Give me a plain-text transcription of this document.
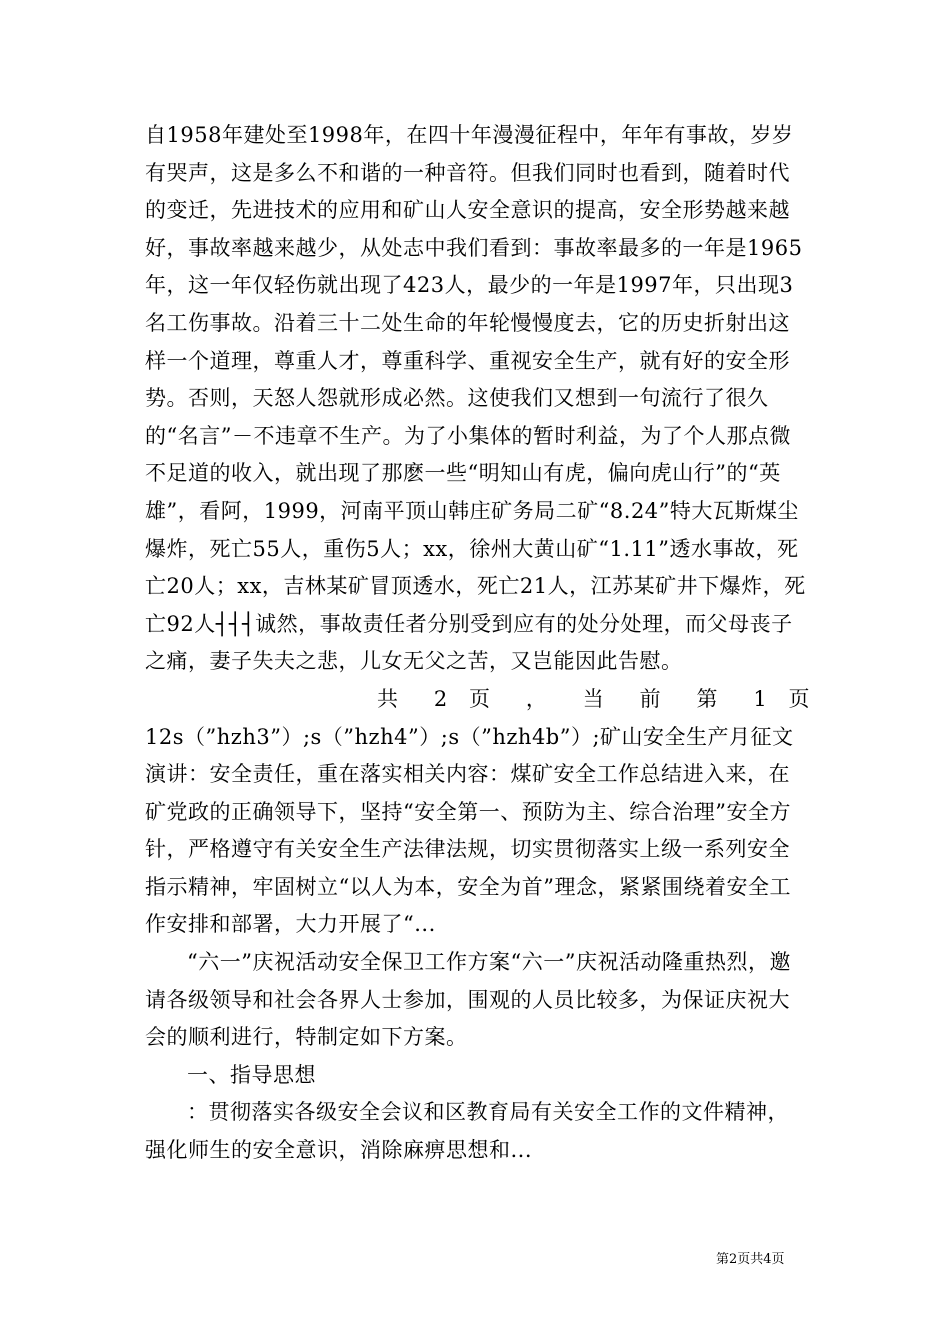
自1958年建处至1998年，在四十年漫漫征程中，年年有事故，岁岁有哭声，这是多么不和谐的一种音符。但我们同时也看到，随着时代的变迁，先进技术的应用和矿山人安全意识的提高，安全形势越来越好，事故率越来越少，从处志中我们看到：事故率最多的一年是1965年，这一年仅轻伤就出现了423人，最少的一年是1997年，只出现3名工伤事故。沿着三十二处生命的年轮慢慢度去，它的历史折射出这样一个道理，尊重人才，尊重科学、重视安全生产，就有好的安全形势。否则，天怒人怨就形成必然。这使我们又想到一句流行了很久的“名言”－不违章不生产。为了小集体的暂时利益，为了个人那点微不足道的收入，就出现了那麽一些“明知山有虎，偏向虎山行”的“英雄”，看阿，1999，河南平顶山韩庄矿务局二矿“8.24”特大瓦斯煤尘爆炸，死亡55人，重伤5人；xx，徐州大黄山矿“1.11”透水事故，死亡20人；xx，吉林某矿冒顶透水，死亡21人，江苏某矿井下爆炸，死亡92人┤┤┤诚然，事故责任者分别受到应有的处分处理，而父母丧子之痛，妻子失夫之悲，儿女无父之苦，又岂能因此告慰。

共 2 页 ， 当 前 第 1 页

12s（”hzh3”）;s（”hzh4”）;s（”hzh4b”）;矿山安全生产月征文演讲：安全责任，重在落实相关内容：煤矿安全工作总结进入来，在矿党政的正确领导下，坚持“安全第一、预防为主、综合治理”安全方针，严格遵守有关安全生产法律法规，切实贯彻落实上级一系列安全指示精神，牢固树立“以人为本，安全为首”理念，紧紧围绕着安全工作安排和部署，大力开展了“...

“六一”庆祝活动安全保卫工作方案“六一”庆祝活动隆重热烈，邀请各级领导和社会各界人士参加，围观的人员比较多，为保证庆祝大会的顺利进行，特制定如下方案。

一、指导思想

：贯彻落实各级安全会议和区教育局有关安全工作的文件精神，强化师生的安全意识，消除麻痹思想和...

第2页共4页
